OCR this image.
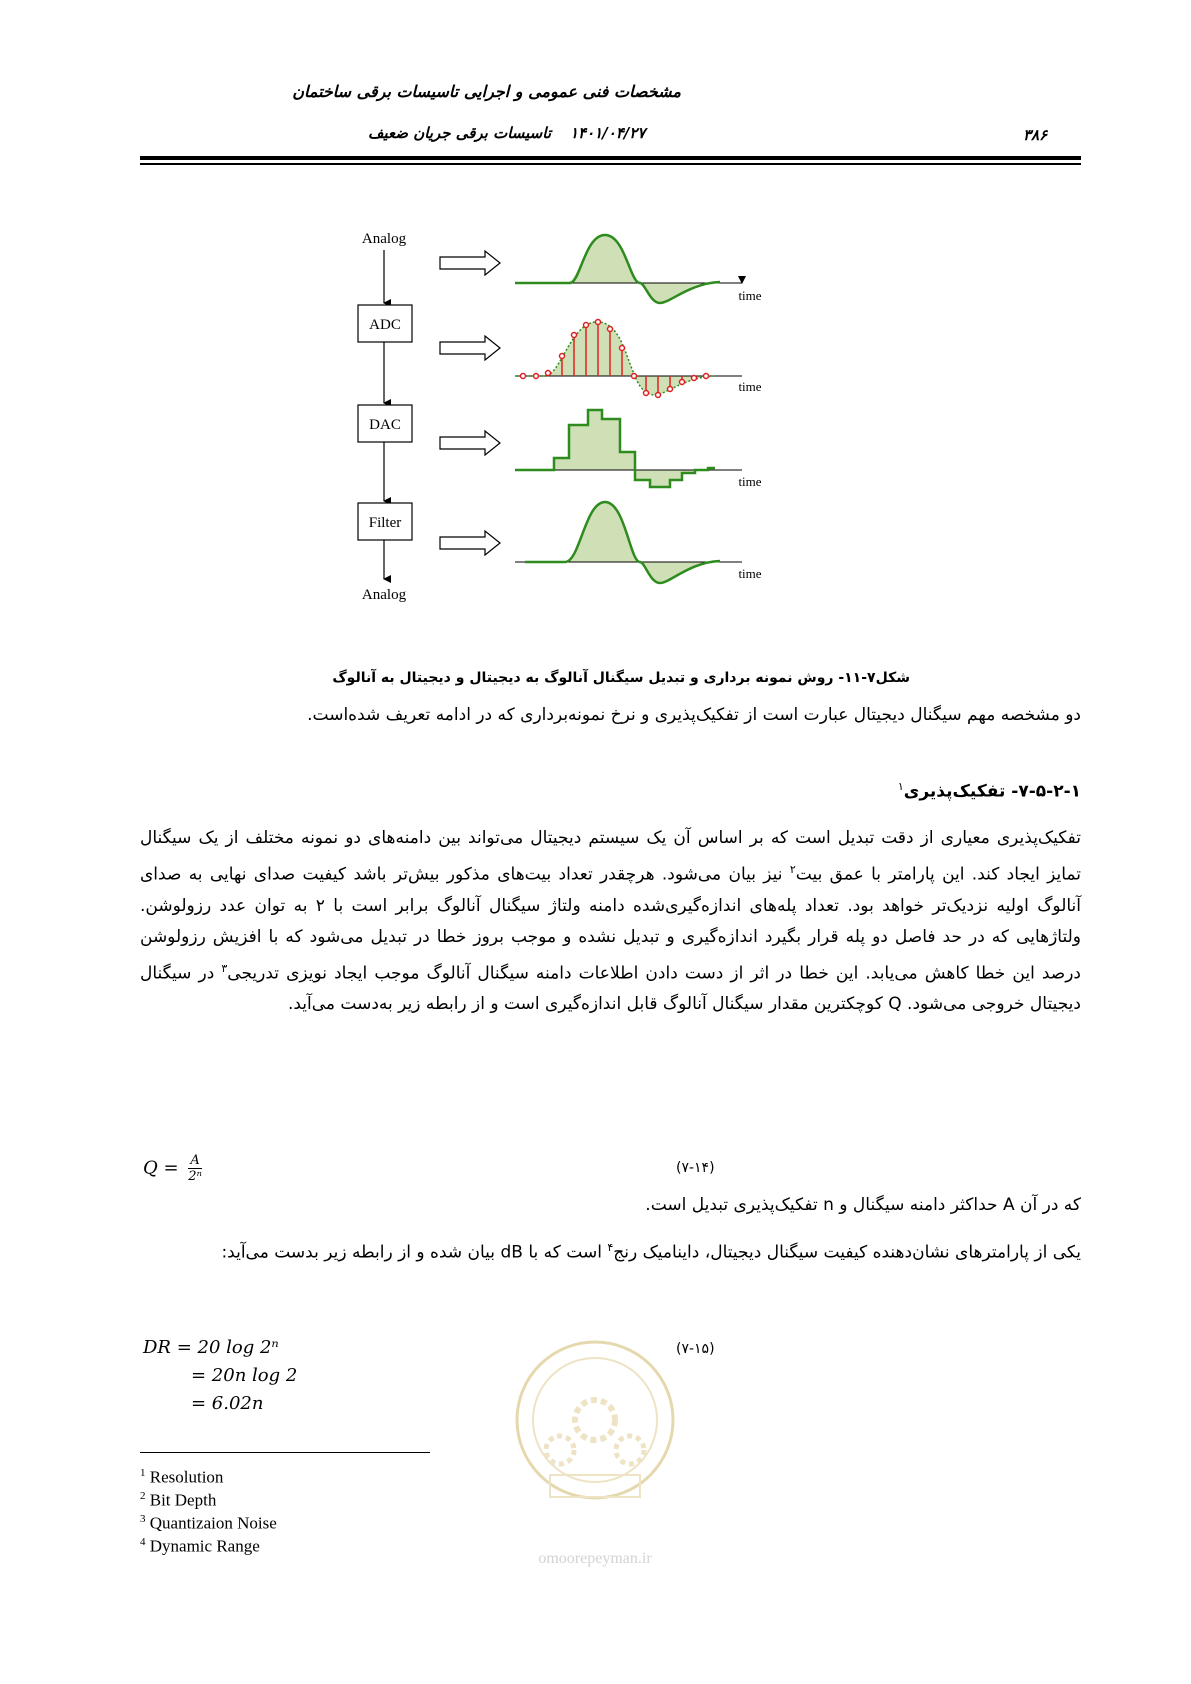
مشخصات فنی عمومی و اجرایی تاسیسات برقی ساختمان
تاسیسات برقی جریان ضعیف ۱۴۰۱/۰۴/۲۷	۳۸۶
Analog
ADC
DAC
Filter
Analog
time
time
time
time
شکل۷-۱۱- روش نمونه برداری و تبدیل سیگنال آنالوگ به دیجیتال و دیجیتال به آنالوگ
دو مشخصه مهم سیگنال دیجیتال عبارت است از تفکیک‌پذیری و نرخ نمونه‌برداری که در ادامه تعریف شده‌است.
۷-۵-۲-۱- تفکیک‌پذیری$^۱$
تفکیک‌پذیری معیاری از دقت تبدیل است که بر اساس آن یک سیستم دیجیتال می‌تواند بین دامنه‌های دو نمونه مختلف از یک سیگنال تمایز ایجاد کند. این پارامتر با عمق بیت$^۲$ نیز بیان می‌شود. هرچقدر تعداد بیت‌های مذکور بیش‌تر باشد کیفیت صدای نهایی به صدای آنالوگ اولیه نزدیک‌تر خواهد بود. تعداد پله‌های اندازه‌گیری‌شده دامنه ولتاژ سیگنال آنالوگ برابر است با ۲ به توان عدد رزولوشن. ولتاژهایی که در حد فاصل دو پله قرار بگیرد اندازه‌گیری و تبدیل نشده و موجب بروز خطا در تبدیل می‌شود که با افزیش رزولوشن درصد این خطا کاهش می‌یابد. این خطا در اثر از دست دادن اطلاعات دامنه سیگنال آنالوگ موجب ایجاد نویزی تدریجی$^۳$ در سیگنال دیجیتال خروجی می‌شود. Q کوچکترین مقدار سیگنال آنالوگ قابل اندازه‌گیری است و از رابطه زیر به‌دست می‌آید.
$Q = \frac{A}{\text{2ⁿ}}$	(۷-۱۴)
که در آن A حداکثر دامنه سیگنال و n تفکیک‌پذیری تبدیل است.
یکی از پارامترهای نشان‌دهنده کیفیت سیگنال دیجیتال، داینامیک رنج$^۴$ است که با dB بیان شده و از رابطه زیر بدست می‌آید:
DR = 20 log 2ⁿ
= 20n log 2
= 6.02n
(۷-۱۵)
omoorepeyman.ir
$^1$ Resolution
$^2$ Bit Depth
$^3$ Quantizaion Noise
$^4$ Dynamic Range
